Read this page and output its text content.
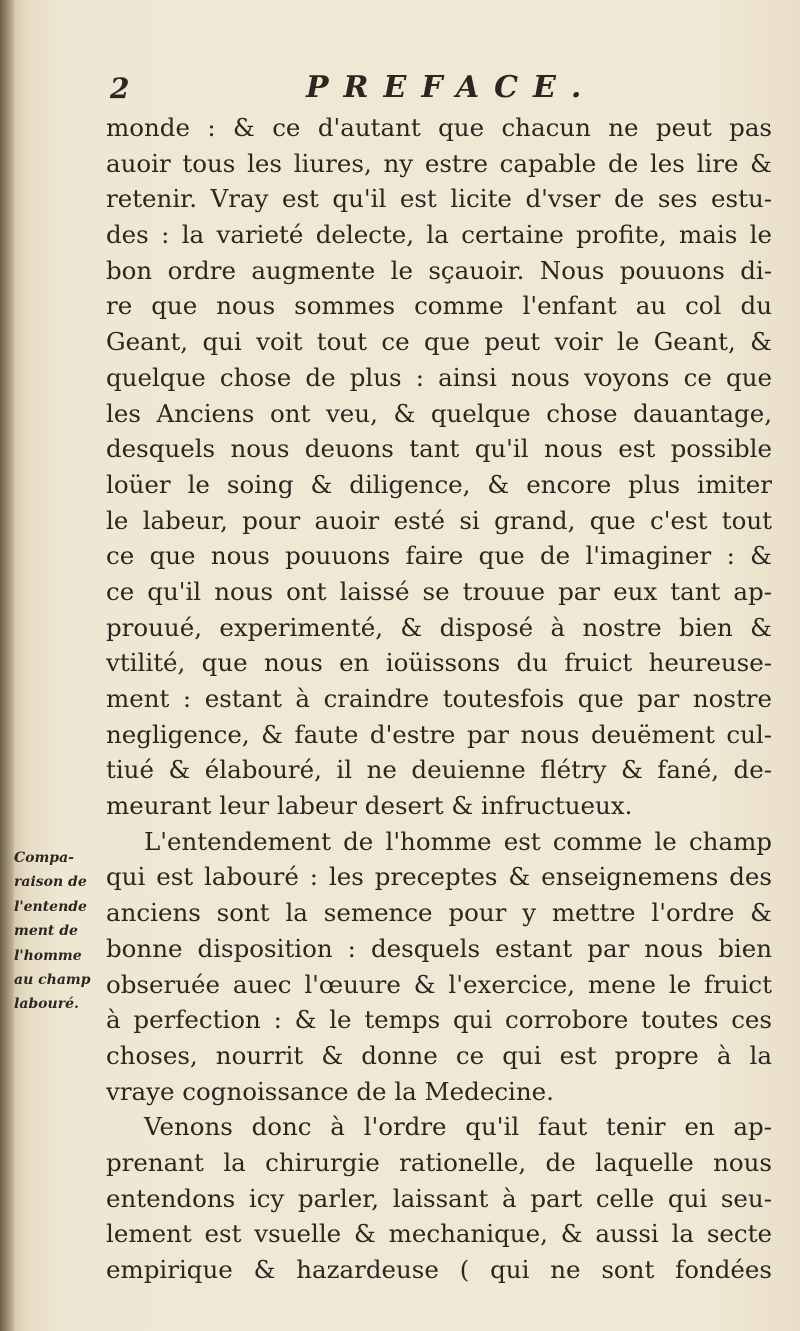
2	PREFACE.
Compa-
raison de
l'entende
ment de
l'homme
au champ
labouré.
monde : & ce d'autant que chacun ne peut pas
auoir tous les liures, ny estre capable de les lire &
retenir. Vray est qu'il est licite d'vser de ses estu-
des : la varieté delecte, la certaine profite, mais le
bon ordre augmente le sçauoir. Nous pouuons di-
re que nous sommes comme l'enfant au col du
Geant, qui voit tout ce que peut voir le Geant, &
quelque chose de plus : ainsi nous voyons ce que
les Anciens ont veu, & quelque chose dauantage,
desquels nous deuons tant qu'il nous est possible
loüer le soing & diligence, & encore plus imiter
le labeur, pour auoir esté si grand, que c'est tout
ce que nous pouuons faire que de l'imaginer : &
ce qu'il nous ont laissé se trouue par eux tant ap-
prouué, experimenté, & disposé à nostre bien &
vtilité, que nous en ioüissons du fruict heureuse-
ment : estant à craindre toutesfois que par nostre
negligence, & faute d'estre par nous deuëment cul-
tiué & élabouré, il ne deuienne flétry & fané, de-
meurant leur labeur desert & infructueux.
L'entendement de l'homme est comme le champ
qui est labouré : les preceptes & enseignemens des
anciens sont la semence pour y mettre l'ordre &
bonne disposition : desquels estant par nous bien
obseruée auec l'œuure & l'exercice, mene le fruict
à perfection : & le temps qui corrobore toutes ces
choses, nourrit & donne ce qui est propre à la
vraye cognoissance de la Medecine.
Venons donc à l'ordre qu'il faut tenir en ap-
prenant la chirurgie rationelle, de laquelle nous
entendons icy parler, laissant à part celle qui seu-
lement est vsuelle & mechanique, & aussi la secte
empirique & hazardeuse ( qui ne sont fondées
